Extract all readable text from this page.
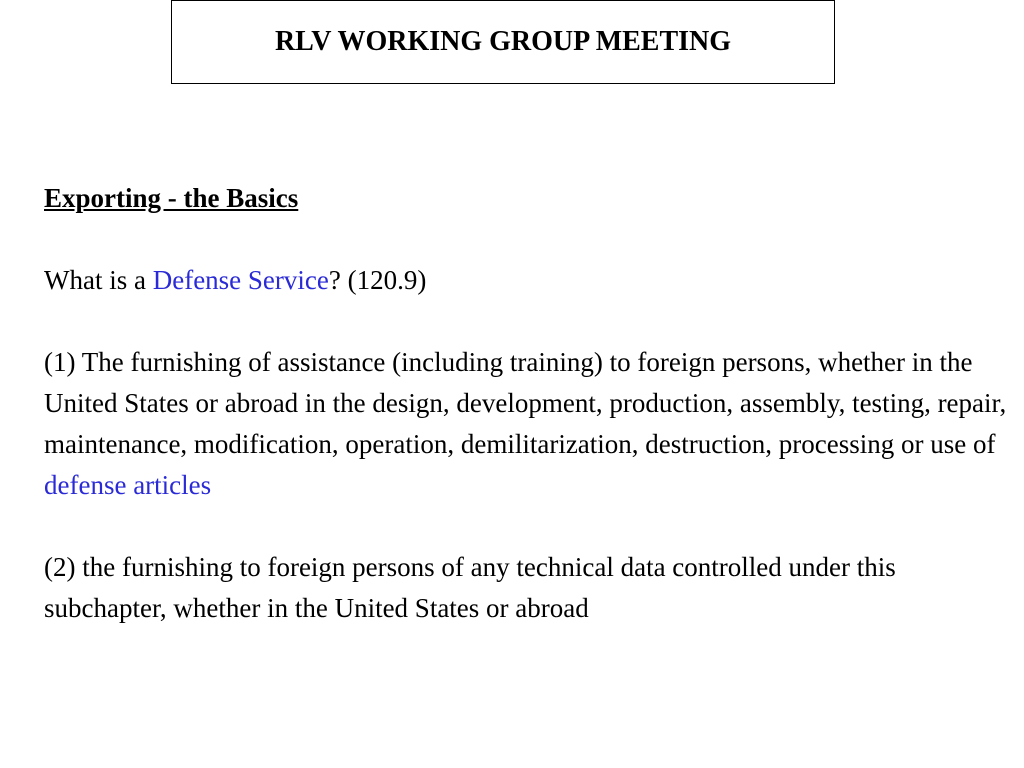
RLV WORKING GROUP MEETING

Exporting - the Basics

What is a Defense Service? (120.9)

(1) The furnishing of assistance (including training) to foreign persons, whether in the United States or abroad in the design, development, production, assembly, testing, repair, maintenance, modification, operation, demilitarization, destruction, processing or use of defense articles

(2) the furnishing to foreign persons of any technical data controlled under this subchapter, whether in the United States or abroad
